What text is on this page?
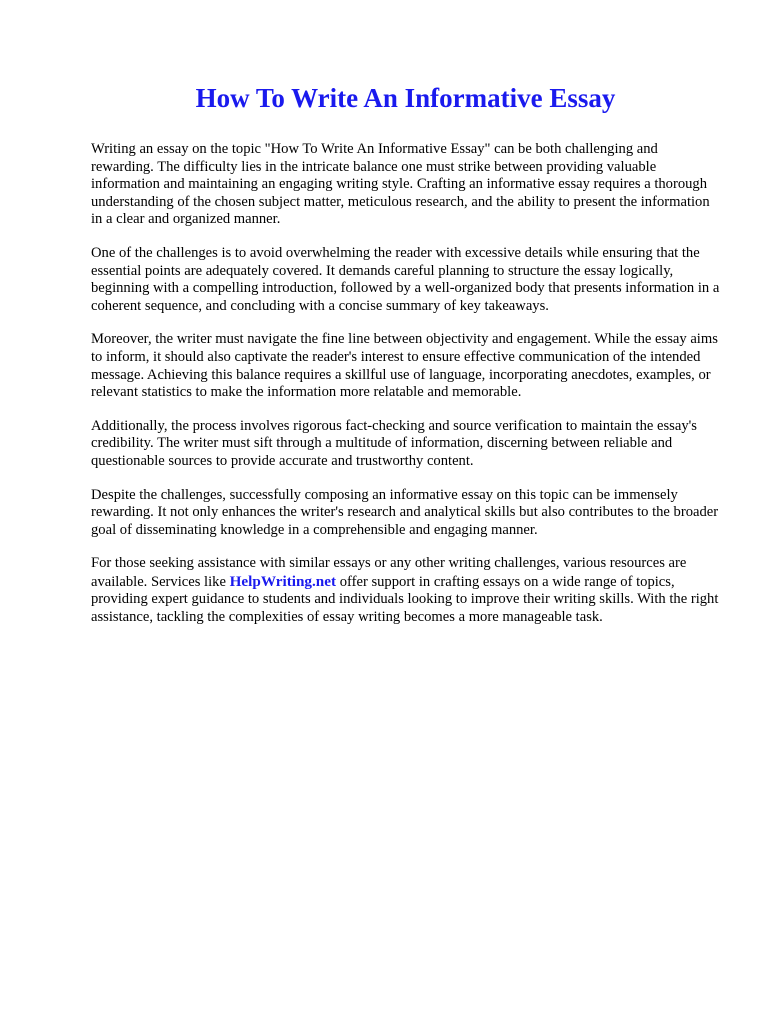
How To Write An Informative Essay

Writing an essay on the topic "How To Write An Informative Essay" can be both challenging and rewarding. The difficulty lies in the intricate balance one must strike between providing valuable information and maintaining an engaging writing style. Crafting an informative essay requires a thorough understanding of the chosen subject matter, meticulous research, and the ability to present the information in a clear and organized manner.

One of the challenges is to avoid overwhelming the reader with excessive details while ensuring that the essential points are adequately covered. It demands careful planning to structure the essay logically, beginning with a compelling introduction, followed by a well-organized body that presents information in a coherent sequence, and concluding with a concise summary of key takeaways.

Moreover, the writer must navigate the fine line between objectivity and engagement. While the essay aims to inform, it should also captivate the reader's interest to ensure effective communication of the intended message. Achieving this balance requires a skillful use of language, incorporating anecdotes, examples, or relevant statistics to make the information more relatable and memorable.

Additionally, the process involves rigorous fact-checking and source verification to maintain the essay's credibility. The writer must sift through a multitude of information, discerning between reliable and questionable sources to provide accurate and trustworthy content.

Despite the challenges, successfully composing an informative essay on this topic can be immensely rewarding. It not only enhances the writer's research and analytical skills but also contributes to the broader goal of disseminating knowledge in a comprehensible and engaging manner.

For those seeking assistance with similar essays or any other writing challenges, various resources are available. Services like HelpWriting.net offer support in crafting essays on a wide range of topics, providing expert guidance to students and individuals looking to improve their writing skills. With the right assistance, tackling the complexities of essay writing becomes a more manageable task.
